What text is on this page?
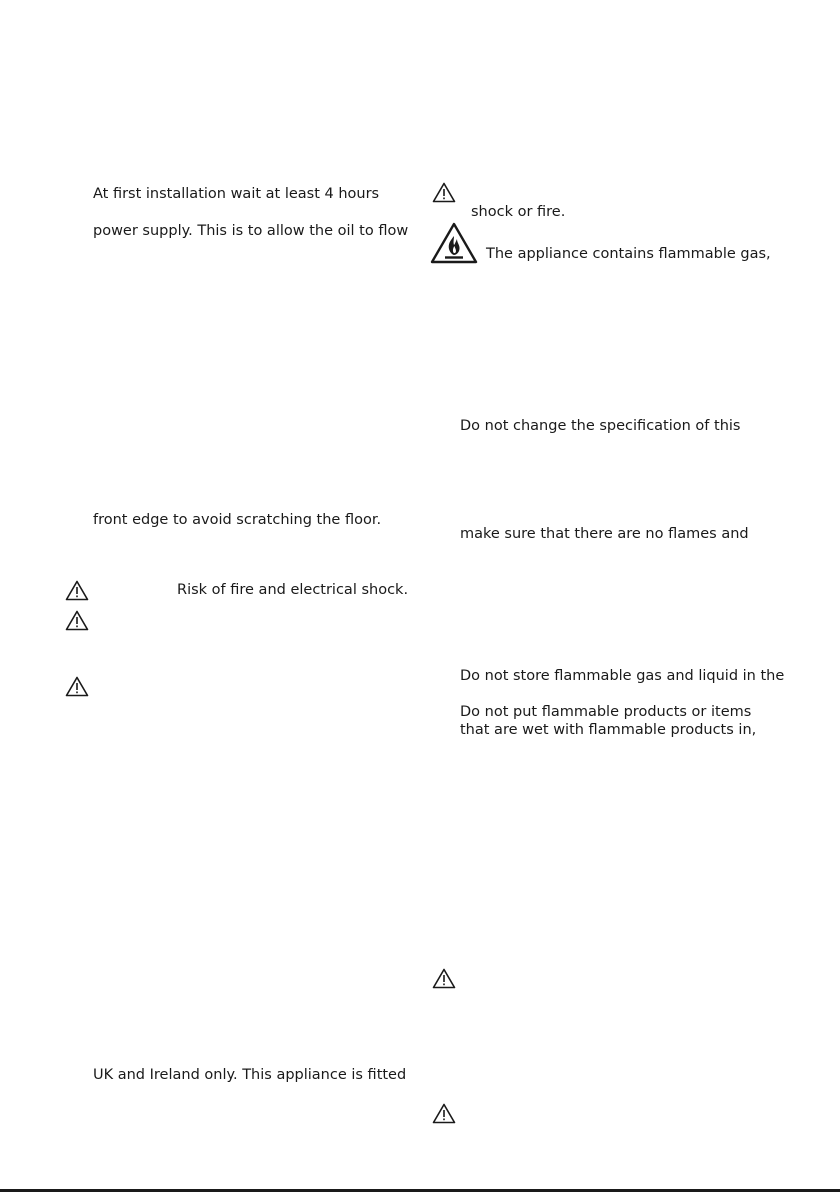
At first installation wait at least 4 hours
power supply. This is to allow the oil to flow
front edge to avoid scratching the floor.
Risk of fire and electrical shock.
UK and Ireland only. This appliance is fitted
shock or fire.
The appliance contains flammable gas,
Do not change the specification of this
make sure that there are no flames and
Do not store flammable gas and liquid in the
Do not put flammable products or items
that are wet with flammable products in,
